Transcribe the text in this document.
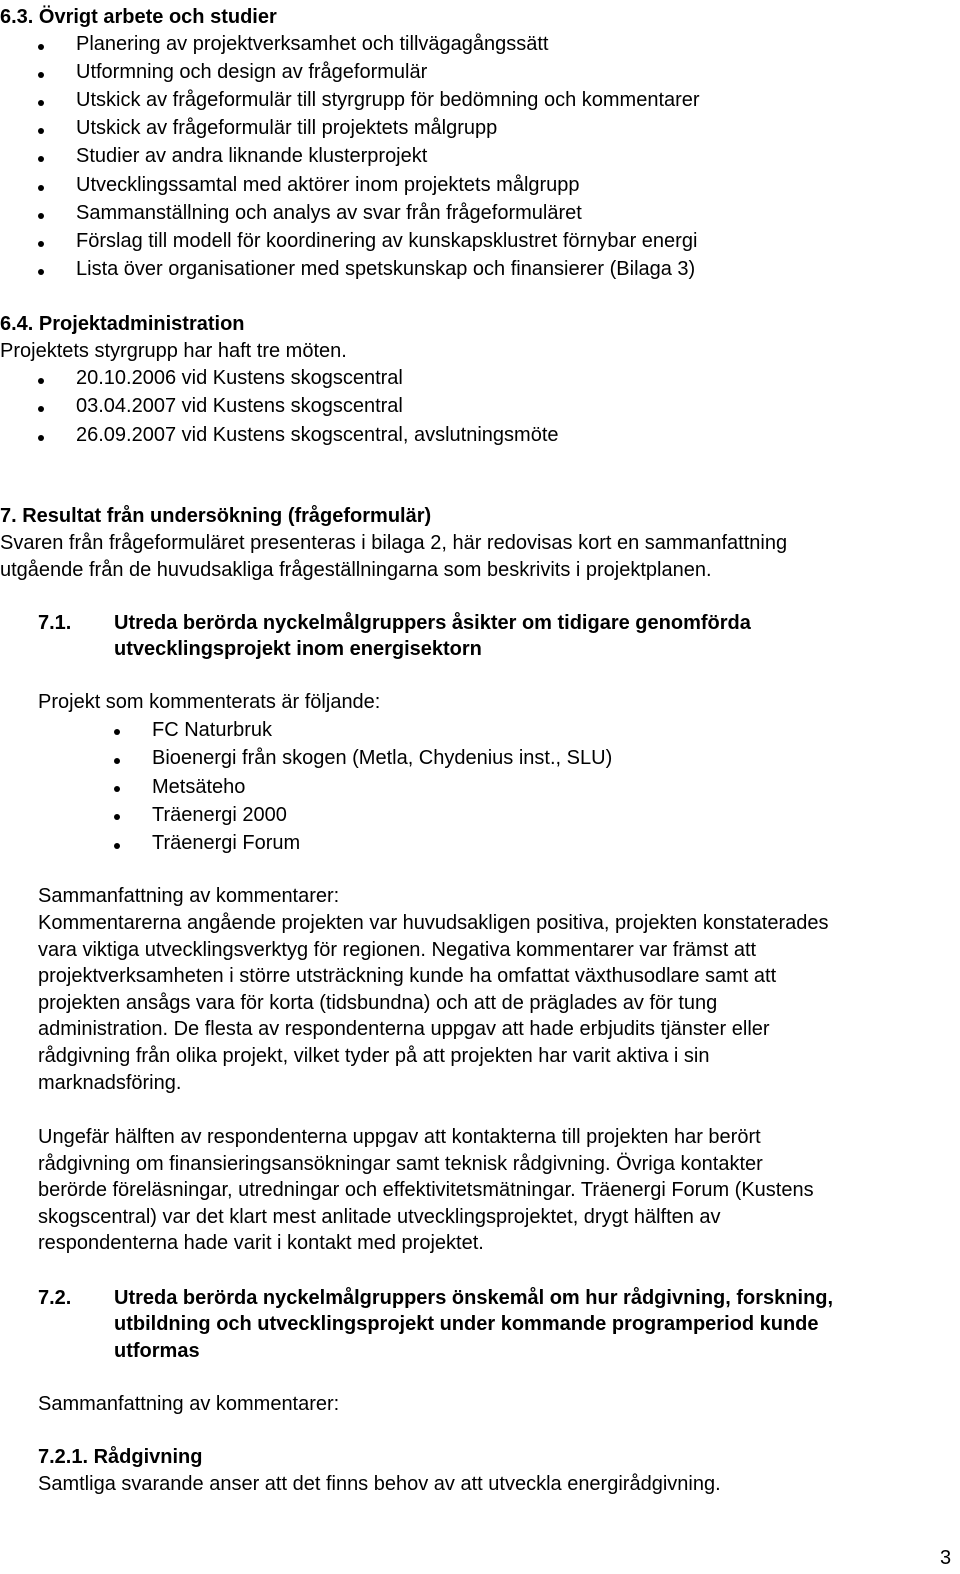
6.3. Övrigt arbete och studier
Planering av projektverksamhet och tillvägagångssätt
Utformning och design av frågeformulär
Utskick av frågeformulär till styrgrupp för bedömning och kommentarer
Utskick av frågeformulär till projektets målgrupp
Studier av andra liknande klusterprojekt
Utvecklingssamtal med aktörer inom projektets målgrupp
Sammanställning och analys av svar från frågeformuläret
Förslag till modell för koordinering av kunskapsklustret förnybar energi
Lista över organisationer med spetskunskap och finansierer (Bilaga 3)
6.4. Projektadministration
Projektets styrgrupp har haft tre möten.
20.10.2006 vid Kustens skogscentral
03.04.2007 vid Kustens skogscentral
26.09.2007 vid Kustens skogscentral, avslutningsmöte
7. Resultat från undersökning (frågeformulär)
Svaren från frågeformuläret presenteras i bilaga 2, här redovisas kort en sammanfattning
utgående från de huvudsakliga frågeställningarna som beskrivits i projektplanen.
7.1. Utreda berörda nyckelmålgruppers åsikter om tidigare genomförda
utvecklingsprojekt inom energisektorn
Projekt som kommenterats är följande:
FC Naturbruk
Bioenergi från skogen (Metla, Chydenius inst., SLU)
Metsäteho
Träenergi 2000
Träenergi Forum
Sammanfattning av kommentarer:
Kommentarerna angående projekten var huvudsakligen positiva, projekten konstaterades
vara viktiga utvecklingsverktyg för regionen. Negativa kommentarer var främst att
projektverksamheten i större utsträckning kunde ha omfattat växthusodlare samt att
projekten ansågs vara för korta (tidsbundna) och att de präglades av för tung
administration. De flesta av respondenterna uppgav att hade erbjudits tjänster eller
rådgivning från olika projekt, vilket tyder på att projekten har varit aktiva i sin
marknadsföring.
Ungefär hälften av respondenterna uppgav att kontakterna till projekten har berört
rådgivning om finansieringsansökningar samt teknisk rådgivning. Övriga kontakter
berörde föreläsningar, utredningar och effektivitetsmätningar. Träenergi Forum (Kustens
skogscentral) var det klart mest anlitade utvecklingsprojektet, drygt hälften av
respondenterna hade varit i kontakt med projektet.
7.2. Utreda berörda nyckelmålgruppers önskemål om hur rådgivning, forskning,
utbildning och utvecklingsprojekt under kommande programperiod kunde
utformas
Sammanfattning av kommentarer:
7.2.1. Rådgivning
Samtliga svarande anser att det finns behov av att utveckla energirådgivning.
3
